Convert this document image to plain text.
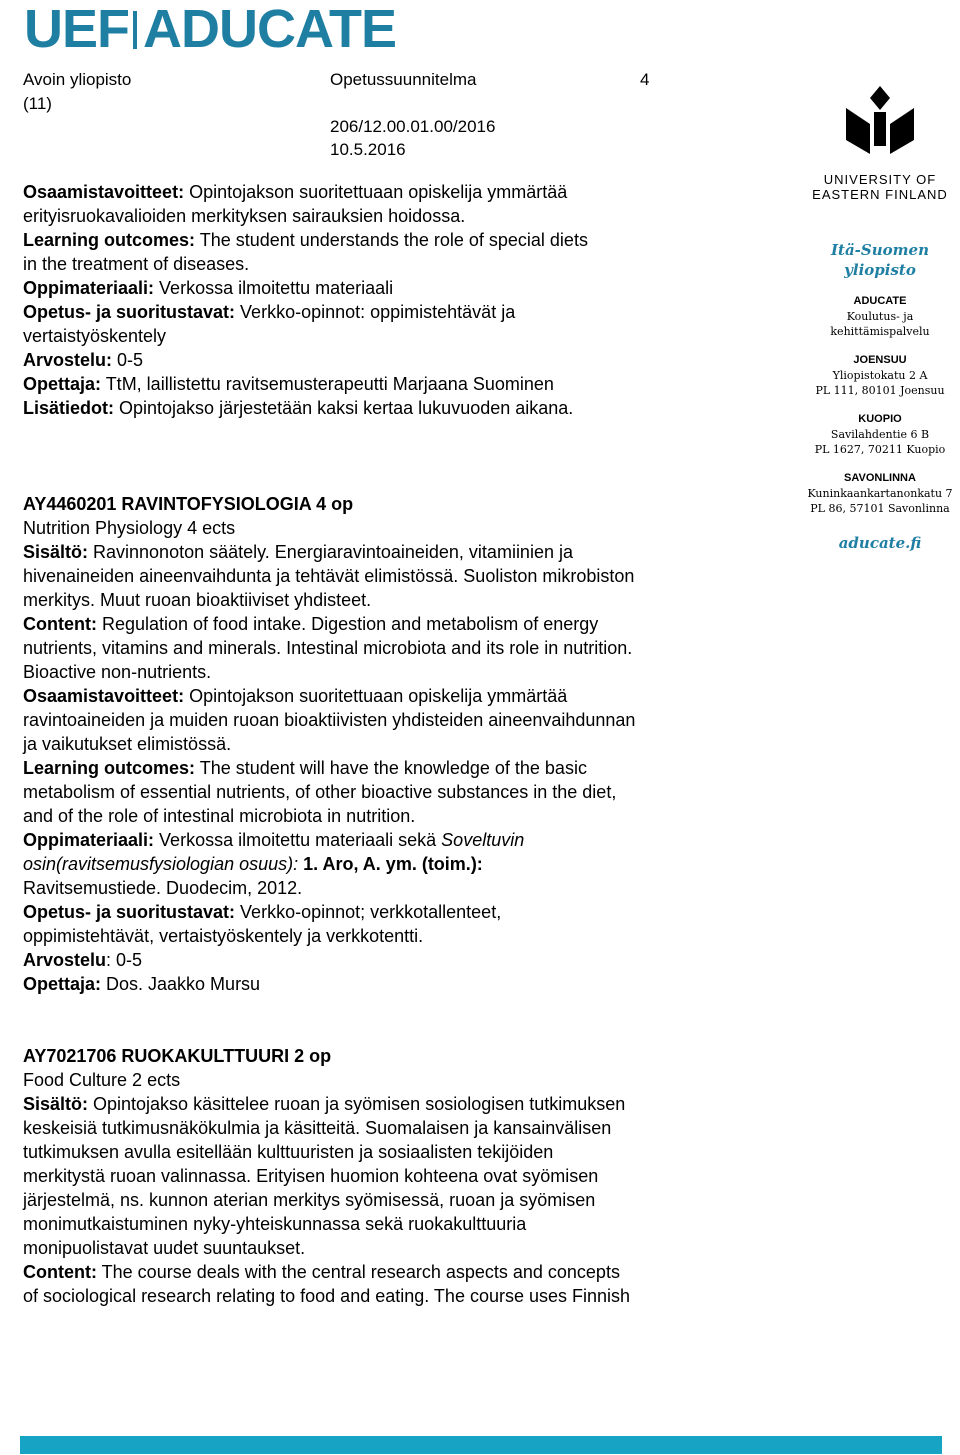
UEF ADUCATE
Avoin yliopisto
(11)
Opetussuunnitelma	4
206/12.00.01.00/2016
10.5.2016
UNIVERSITY OF
EASTERN FINLAND
Itä-Suomen
yliopisto
ADUCATE
Koulutus- ja
kehittämispalvelu
JOENSUU
Yliopistokatu 2 A
PL 111, 80101 Joensuu
KUOPIO
Savilahdentie 6 B
PL 1627, 70211 Kuopio
SAVONLINNA
Kuninkaankartanonkatu 7
PL 86, 57101 Savonlinna
aducate.fi

Osaamistavoitteet: Opintojakson suoritettuaan opiskelija ymmärtää

erityisruokavalioiden merkityksen sairauksien hoidossa.

Learning outcomes: The student understands the role of special diets

in the treatment of diseases.

Oppimateriaali: Verkossa ilmoitettu materiaali

Opetus- ja suoritustavat: Verkko-opinnot: oppimistehtävät ja

vertaistyöskentely

Arvostelu: 0-5

Opettaja: TtM, laillistettu ravitsemusterapeutti Marjaana Suominen

Lisätiedot: Opintojakso järjestetään kaksi kertaa lukuvuoden aikana.

AY4460201 RAVINTOFYSIOLOGIA 4 op

Nutrition Physiology 4 ects

Sisältö: Ravinnonoton säätely. Energiaravintoaineiden, vitamiinien ja

hivenaineiden aineenvaihdunta ja tehtävät elimistössä. Suoliston mikrobiston

merkitys. Muut ruoan bioaktiiviset yhdisteet.

Content: Regulation of food intake. Digestion and metabolism of energy

nutrients, vitamins and minerals. Intestinal microbiota and its role in nutrition.

Bioactive non-nutrients.

Osaamistavoitteet: Opintojakson suoritettuaan opiskelija ymmärtää

ravintoaineiden ja muiden ruoan bioaktiivisten yhdisteiden aineenvaihdunnan

ja vaikutukset elimistössä.

Learning outcomes: The student will have the knowledge of the basic

metabolism of essential nutrients, of other bioactive substances in the diet,

and of the role of intestinal microbiota in nutrition.

Oppimateriaali: Verkossa ilmoitettu materiaali sekä Soveltuvin

osin(ravitsemusfysiologian osuus): 1. Aro, A. ym. (toim.):

Ravitsemustiede. Duodecim, 2012.

Opetus- ja suoritustavat: Verkko-opinnot; verkkotallenteet,

oppimistehtävät, vertaistyöskentely ja verkkotentti.

Arvostelu: 0-5

Opettaja: Dos. Jaakko Mursu

AY7021706 RUOKAKULTTUURI 2 op

Food Culture 2 ects

Sisältö: Opintojakso käsittelee ruoan ja syömisen sosiologisen tutkimuksen

keskeisiä tutkimusnäkökulmia ja käsitteitä. Suomalaisen ja kansainvälisen

tutkimuksen avulla esitellään kulttuuristen ja sosiaalisten tekijöiden

merkitystä ruoan valinnassa. Erityisen huomion kohteena ovat syömisen

järjestelmä, ns. kunnon aterian merkitys syömisessä, ruoan ja syömisen

monimutkaistuminen nyky-yhteiskunnassa sekä ruokakulttuuria

monipuolistavat uudet suuntaukset.

Content: The course deals with the central research aspects and concepts

of sociological research relating to food and eating. The course uses Finnish
